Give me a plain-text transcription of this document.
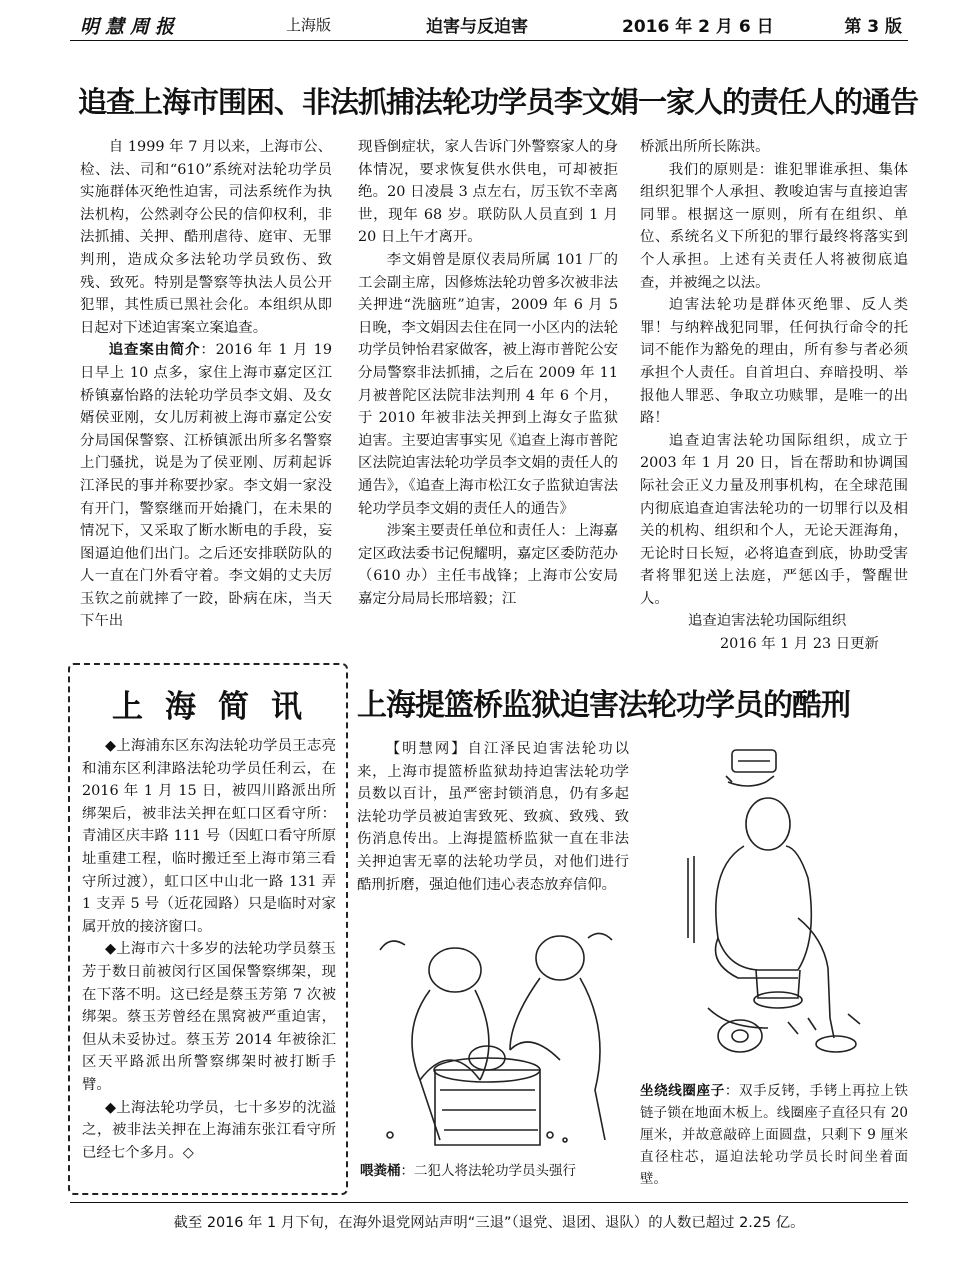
明慧周报	上海版	迫害与反迫害	2016 年 2 月 6 日	第 3 版
追查上海市围困、非法抓捕法轮功学员李文娟一家人的责任人的通告

自 1999 年 7 月以来，上海市公、检、法、司和“610”系统对法轮功学员实施群体灭绝性迫害，司法系统作为执法机构，公然剥夺公民的信仰权利，非法抓捕、关押、酷刑虐待、庭审、无罪判刑，造成众多法轮功学员致伤、致残、致死。特别是警察等执法人员公开犯罪，其性质已黑社会化。本组织从即日起对下述迫害案立案追查。

追查案由简介：2016 年 1 月 19 日早上 10 点多，家住上海市嘉定区江桥镇嘉怡路的法轮功学员李文娟、及女婿侯亚刚，女儿厉莉被上海市嘉定公安分局国保警察、江桥镇派出所多名警察上门骚扰，说是为了侯亚刚、厉莉起诉江泽民的事并称要抄家。李文娟一家没有开门，警察继而开始撬门，在未果的情况下，又采取了断水断电的手段，妄图逼迫他们出门。之后还安排联防队的人一直在门外看守着。李文娟的丈夫厉玉钦之前就摔了一跤，卧病在床，当天下午出

现昏倒症状，家人告诉门外警察家人的身体情况，要求恢复供水供电，可却被拒绝。20 日凌晨 3 点左右，厉玉钦不幸离世，现年 68 岁。联防队人员直到 1 月 20 日上午才离开。

李文娟曾是原仪表局所属 101 厂的工会副主席，因修炼法轮功曾多次被非法关押进“洗脑班”迫害，2009 年 6 月 5 日晚，李文娟因去住在同一小区内的法轮功学员钟怡君家做客，被上海市普陀公安分局警察非法抓捕，之后在 2009 年 11 月被普陀区法院非法判刑 4 年 6 个月，于 2010 年被非法关押到上海女子监狱迫害。主要迫害事实见《追查上海市普陀区法院迫害法轮功学员李文娟的责任人的通告》，《追查上海市松江女子监狱迫害法轮功学员李文娟的责任人的通告》

涉案主要责任单位和责任人：上海嘉定区政法委书记倪耀明，嘉定区委防范办（610 办）主任韦战锋；上海市公安局嘉定分局局长邢培毅；江

桥派出所所长陈洪。

我们的原则是：谁犯罪谁承担、集体组织犯罪个人承担、教唆迫害与直接迫害同罪。根据这一原则，所有在组织、单位、系统名义下所犯的罪行最终将落实到个人承担。上述有关责任人将被彻底追查，并被绳之以法。

迫害法轮功是群体灭绝罪、反人类罪！与纳粹战犯同罪，任何执行命令的托词不能作为豁免的理由，所有参与者必须承担个人责任。自首坦白、弃暗投明、举报他人罪恶、争取立功赎罪，是唯一的出路！

追查迫害法轮功国际组织，成立于 2003 年 1 月 20 日，旨在帮助和协调国际社会正义力量及刑事机构，在全球范围内彻底追查迫害法轮功的一切罪行以及相关的机构、组织和个人，无论天涯海角，无论时日长短，必将追查到底，协助受害者将罪犯送上法庭，严惩凶手，警醒世人。

追查迫害法轮功国际组织

2016 年 1 月 23 日更新

上海简讯

◆上海浦东区东沟法轮功学员王志亮和浦东区利津路法轮功学员任利云，在 2016 年 1 月 15 日，被四川路派出所绑架后，被非法关押在虹口区看守所：青浦区庆丰路 111 号（因虹口看守所原址重建工程，临时搬迁至上海市第三看守所过渡），虹口区中山北一路 131 弄 1 支弄 5 号（近花园路）只是临时对家属开放的接济窗口。

◆上海市六十多岁的法轮功学员蔡玉芳于数日前被闵行区国保警察绑架，现在下落不明。这已经是蔡玉芳第 7 次被绑架。蔡玉芳曾经在黑窝被严重迫害，但从未妥协过。蔡玉芳 2014 年被徐汇区天平路派出所警察绑架时被打断手臂。

◆上海法轮功学员，七十多岁的沈溢之，被非法关押在上海浦东张江看守所已经七个多月。◇

上海提篮桥监狱迫害法轮功学员的酷刑

【明慧网】自江泽民迫害法轮功以来，上海市提篮桥监狱劫持迫害法轮功学员数以百计，虽严密封锁消息，仍有多起法轮功学员被迫害致死、致疯、致残、致伤消息传出。上海提篮桥监狱一直在非法关押迫害无辜的法轮功学员，对他们进行酷刑折磨，强迫他们违心表态放弃信仰。

喂粪桶：二犯人将法轮功学员头强行
坐绕线圈座子：双手反铐，手铐上再拉上铁链子锁在地面木板上。线圈座子直径只有 20 厘米，并故意敲碎上面圆盘，只剩下 9 厘米直径柱芯，逼迫法轮功学员长时间坐着面壁。
截至 2016 年 1 月下旬，在海外退党网站声明“三退”（退党、退团、退队）的人数已超过 2.25 亿。
